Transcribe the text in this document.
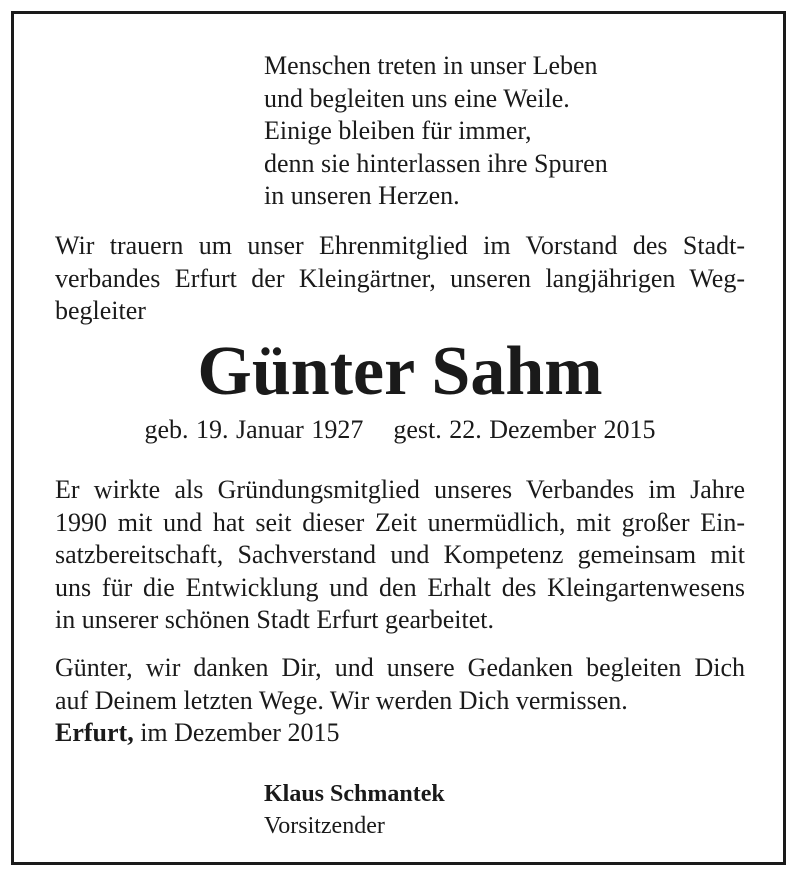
Menschen treten in unser Leben
und begleiten uns eine Weile.
Einige bleiben für immer,
denn sie hinterlassen ihre Spuren
in unseren Herzen.
Wir trauern um unser Ehrenmitglied im Vorstand des Stadt-
verbandes Erfurt der Kleingärtner, unseren langjährigen Weg-
begleiter
Günter Sahm
geb. 19. Januar 1927 gest. 22. Dezember 2015
Er wirkte als Gründungsmitglied unseres Verbandes im Jahre
1990 mit und hat seit dieser Zeit unermüdlich, mit großer Ein-
satzbereitschaft, Sachverstand und Kompetenz gemeinsam mit
uns für die Entwicklung und den Erhalt des Kleingartenwesens
in unserer schönen Stadt Erfurt gearbeitet.
Günter, wir danken Dir, und unsere Gedanken begleiten Dich
auf Deinem letzten Wege. Wir werden Dich vermissen.
Erfurt, im Dezember 2015
Klaus Schmantek
Vorsitzender
